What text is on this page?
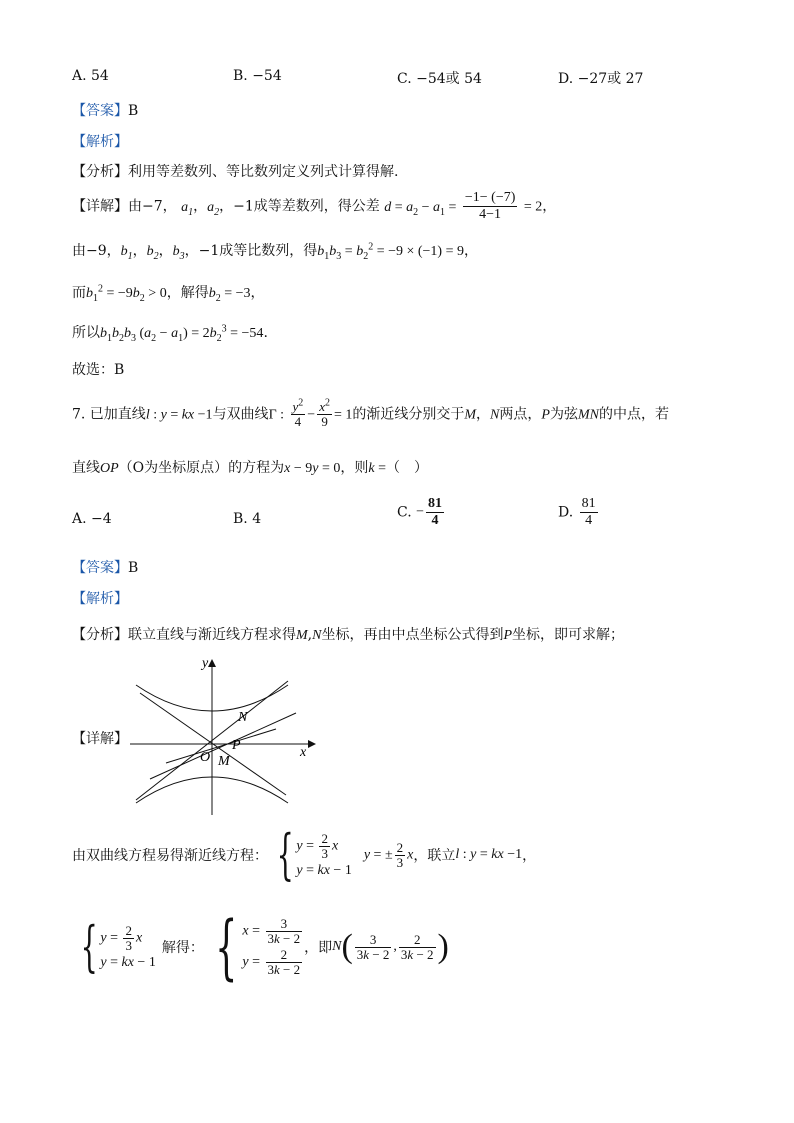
A. 54	B. −54	C. −54或 54	D. −27或 27
【答案】B
【解析】
【分析】利用等差数列、等比数列定义列式计算得解.
【详解】由−7， $a_1$，$a_2$，−1成等差数列，得公差 $d = a_2 - a_1 = \frac{-1- (-7)}{4-1} = 2$，
由−9，$b_1$，$b_2$，$b_3$，−1成等比数列，得$b_1b_3 = b_2^2 = -9 \times (-1) = 9$，
而$b_1^2 = -9b_2 > 0$，解得$b_2 = -3$，
所以$b_1b_2b_3$ $(a_2 - a_1) = 2b_2^3 = -54$.
故选：B
7. 已加直线l : y = kx −1与双曲线Γ : $\frac{y^2}{4} - \frac{x^2}{9} = 1$的渐近线分别交于M，N两点，P为弦MN的中点，若
直线OP（O为坐标原点）的方程为x − 9y = 0，则k =（　）
A. −4	B. 4	C. − $\frac{81}{4}$	D. $\frac{81}{4}$
【答案】B
【解析】
【分析】联立直线与渐近线方程求得M,N坐标，再由中点坐标公式得到P坐标，即可求解；
【详解】
y
x
O
N
P
M
由双曲线方程易得渐近线方程： { $y = \frac{2}{3}$ x
y = kx − 1
y = ± $\frac{2}{3}$ x ，联立 l : y = kx −1 ，
{ $y = \frac{2}{3}$ x
y = kx − 1
解得： { $x = \frac{3}{3k - 2}$
$y = \frac{2}{3k - 2}$ ，即 N ( $\frac{3}{3k - 2}$ , $\frac{2}{3k - 2}$ )
